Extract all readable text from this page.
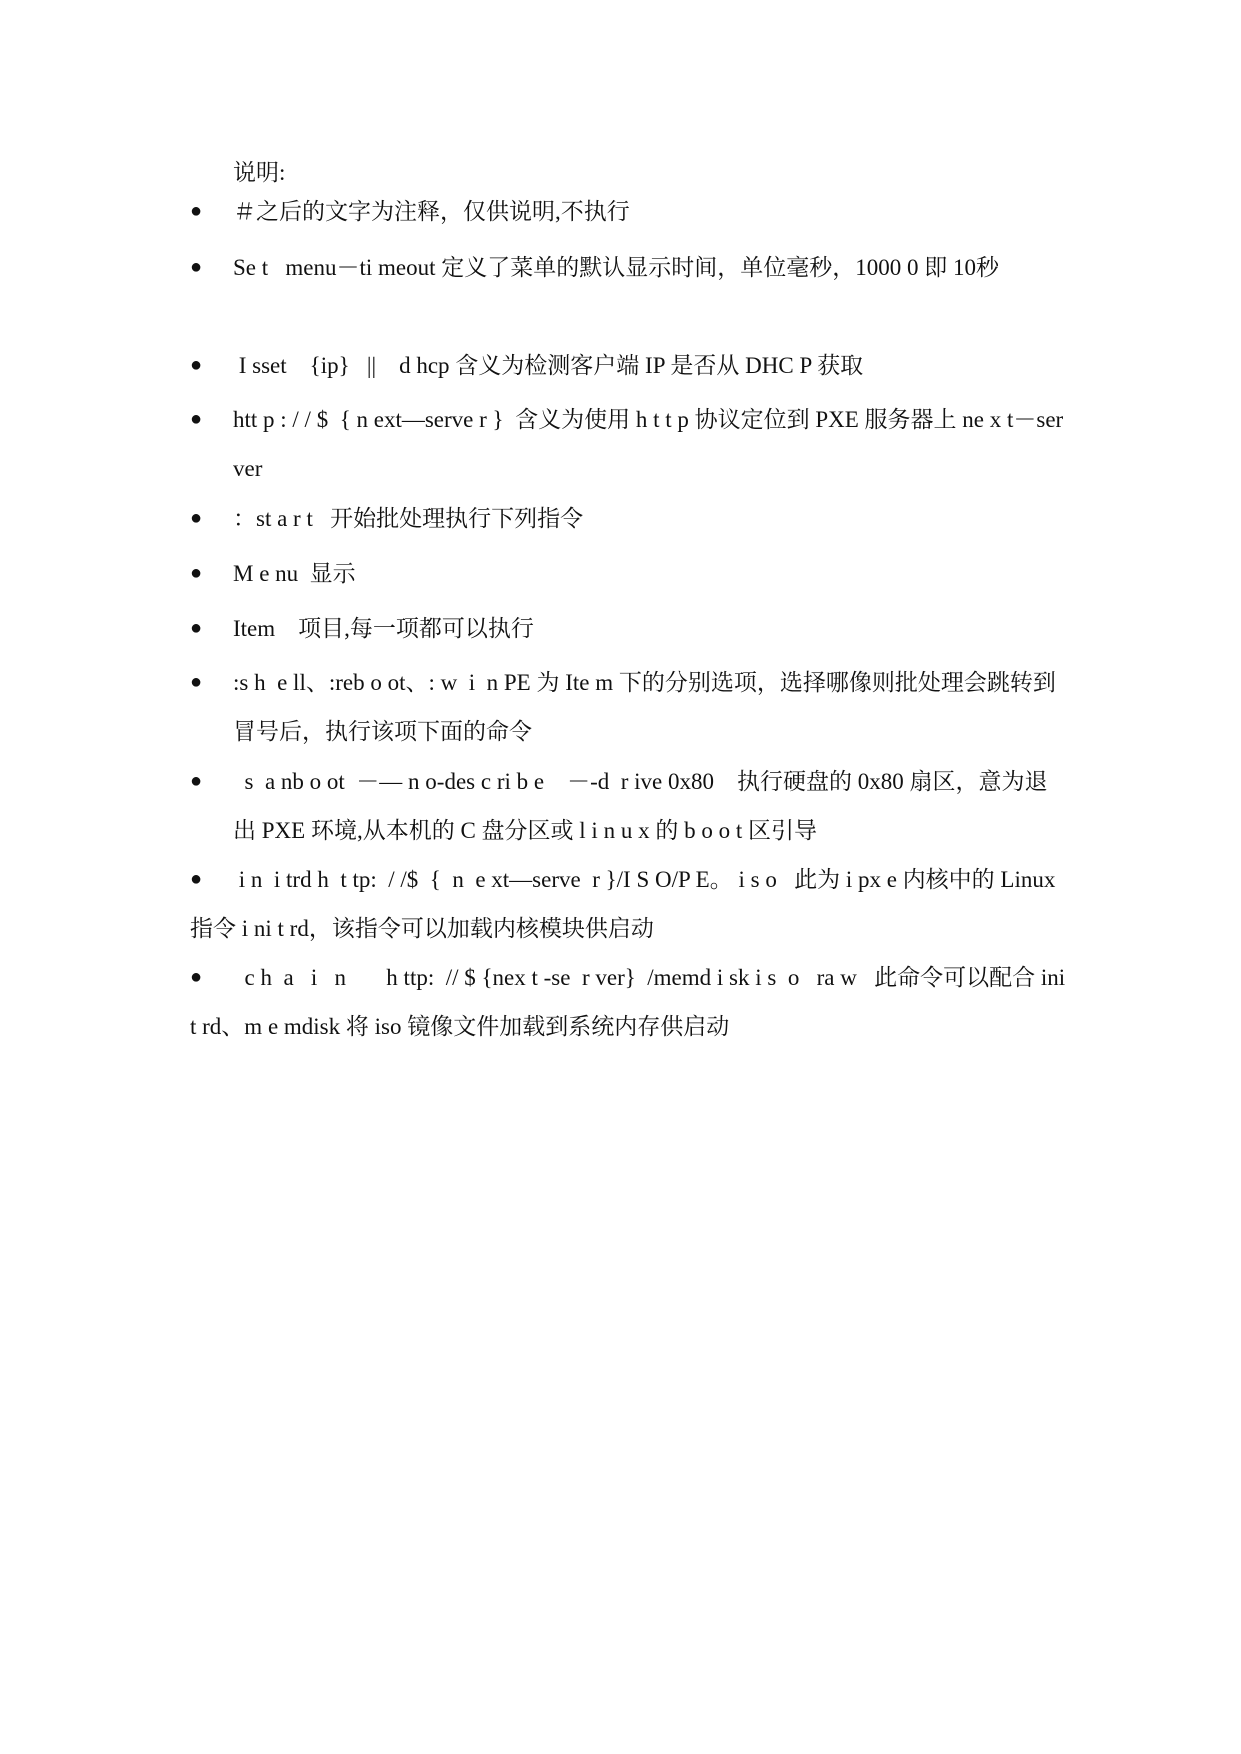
说明:
● ＃之后的文字为注释，仅供说明,不执行
● Se t   menu－ti meout 定义了菜单的默认显示时间，单位毫秒，1000 0 即 10秒
● I sset    {ip}   ||    d hcp 含义为检测客户端 IP 是否从 DHC P 获取
● htt p : / / $  { n ext—serve r }  含义为使用 h t t p 协议定位到 PXE 服务器上 ne x t－server
● ：st a r t   开始批处理执行下列指令
● M e nu  显示
● Item    项目,每一项都可以执行
● :s h  e ll、:reb o ot、: w  i  n PE 为 Ite m 下的分别选项，选择哪像则批处理会跳转到冒号后，执行该项下面的命令
● s  a nb o ot  －— n o-des c ri b e    －-d  r ive 0x80    执行硬盘的 0x80 扇区，意为退出 PXE 环境,从本机的 C 盘分区或 l i n u x 的 b o o t 区引导
●	i n  i trd h  t tp:  / /$  {  n  e xt—serve  r }/I S O/P E。 i s o   此为 i px e 内核中的 Linux 指令 i ni t rd，该指令可以加载内核模块供启动
●	c h  a   i   n       h ttp:  // $ {nex t -se  r ver}  /memd i sk i s  o   ra w   此命令可以配合 ini t rd、m e mdisk 将 iso 镜像文件加载到系统内存供启动
